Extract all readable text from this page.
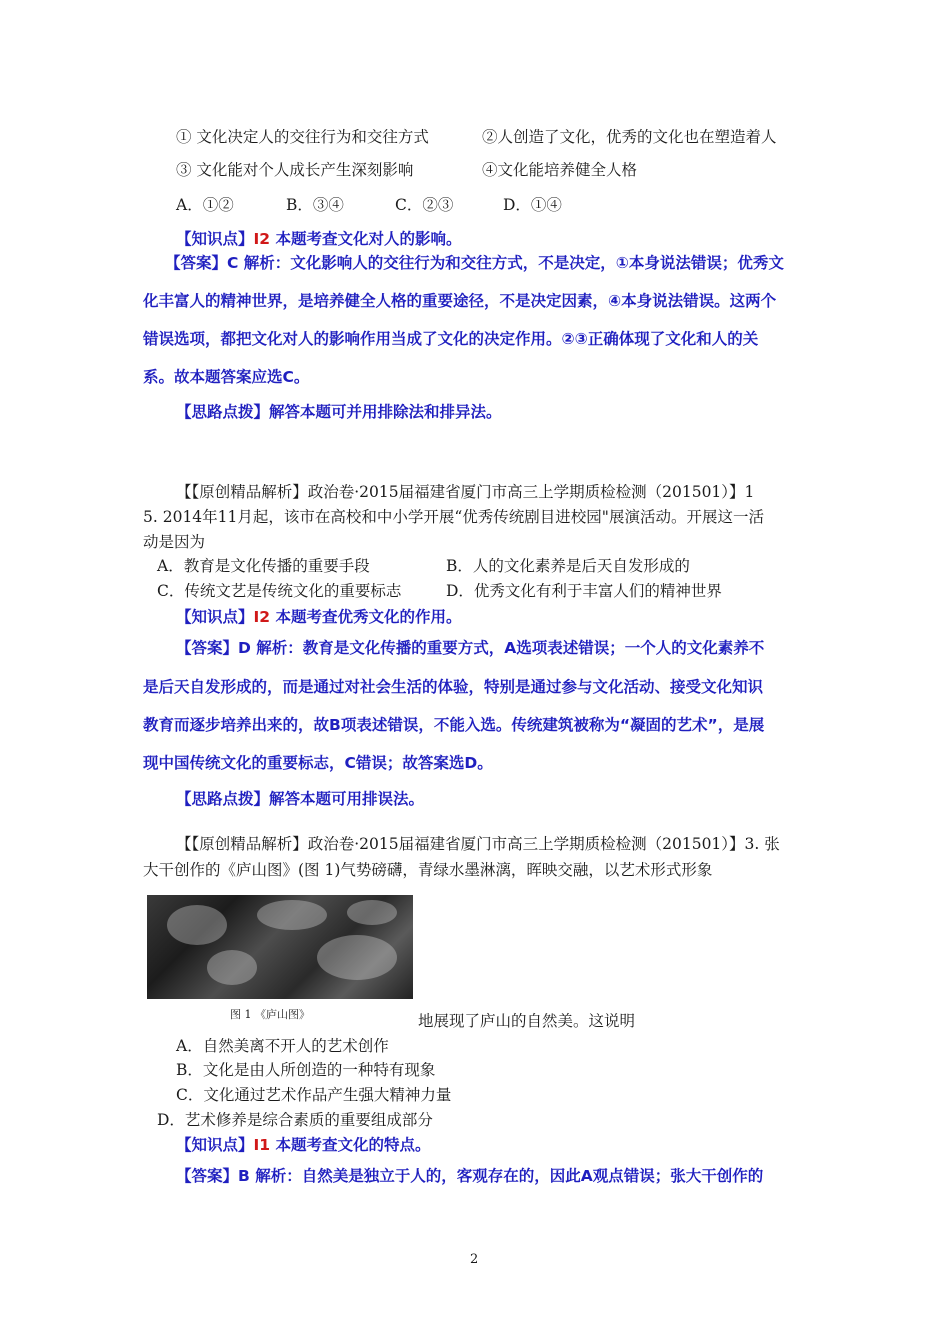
① 文化决定人的交往行为和交往方式	②人创造了文化，优秀的文化也在塑造着人
③ 文化能对个人成长产生深刻影响	④文化能培养健全人格
A．①②	B．③④	C．②③	D．①④
【知识点】I2 本题考查文化对人的影响。
【答案】C 解析：文化影响人的交往行为和交往方式，不是决定，①本身说法错误；优秀文
化丰富人的精神世界，是培养健全人格的重要途径，不是决定因素，④本身说法错误。这两个
错误选项，都把文化对人的影响作用当成了文化的决定作用。②③正确体现了文化和人的关
系。故本题答案应选C。
【思路点拨】解答本题可并用排除法和排异法。
【【原创精品解析】政治卷·2015届福建省厦门市高三上学期质检检测（201501）】1
5. 2014年11月起，该市在高校和中小学开展“优秀传统剧目进校园"展演活动。开展这一活
动是因为
A．教育是文化传播的重要手段	B．人的文化素养是后天自发形成的
C．传统文艺是传统文化的重要标志	D．优秀文化有利于丰富人们的精神世界
【知识点】I2 本题考查优秀文化的作用。
【答案】D 解析：教育是文化传播的重要方式，A选项表述错误；一个人的文化素养不
是后天自发形成的，而是通过对社会生活的体验，特别是通过参与文化活动、接受文化知识
教育而逐步培养出来的，故B项表述错误，不能入选。传统建筑被称为“凝固的艺术”，是展
现中国传统文化的重要标志，C错误；故答案选D。
【思路点拨】解答本题可用排误法。
【【原创精品解析】政治卷·2015届福建省厦门市高三上学期质检检测（201501）】3. 张
大干创作的《庐山图》(图 1)气势磅礴，青绿水墨淋漓，晖映交融，以艺术形式形象
图 1 《庐山图》	地展现了庐山的自然美。这说明
A．自然美离不开人的艺术创作
B．文化是由人所创造的一种特有现象
C．文化通过艺术作品产生强大精神力量
D．艺术修养是综合素质的重要组成部分
【知识点】I1 本题考查文化的特点。
【答案】B 解析：自然美是独立于人的，客观存在的，因此A观点错误；张大干创作的
2
